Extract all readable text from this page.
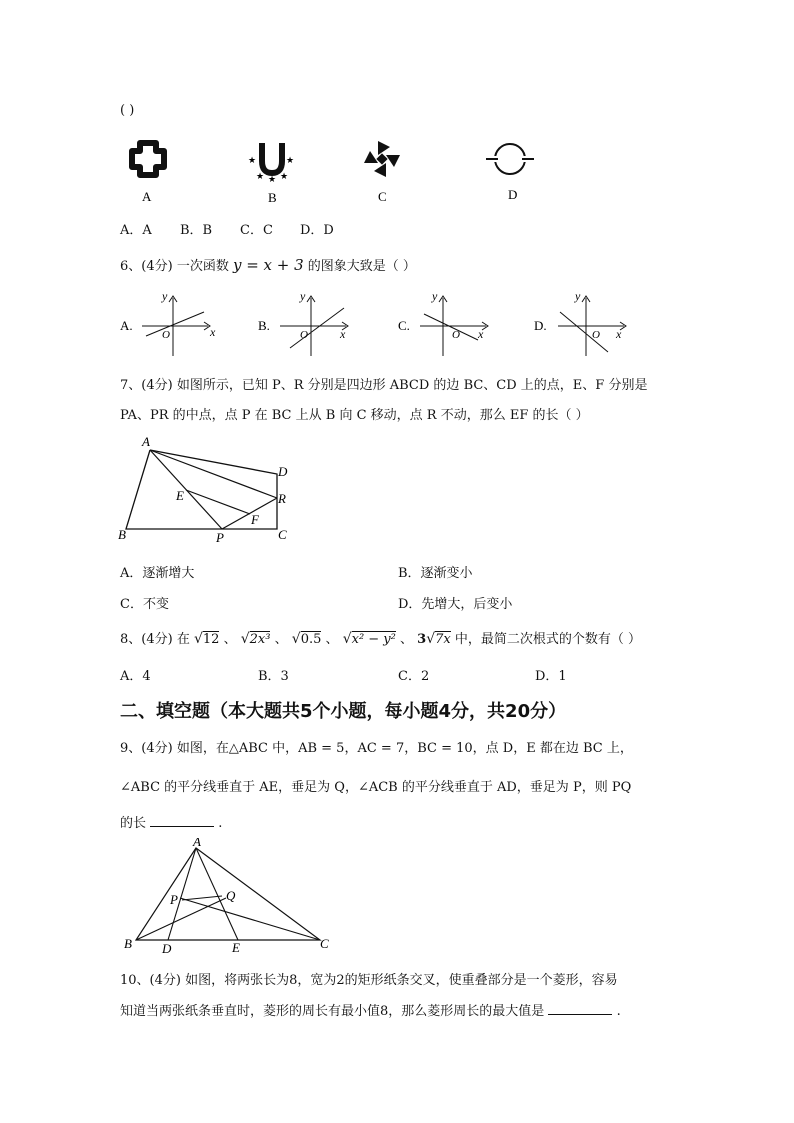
( )
★	★
★ ★ ★
A	B	C	D
A．A B．B C．C D．D
6、(4分) 一次函数 y = x + 3 的图象大致是（ ）
A.
y
x
O
B.
y
x
O
C.
y
x
O
D.
y
x
O
7、(4分) 如图所示，已知 P、R 分别是四边形 ABCD 的边 BC、CD 上的点，E、F 分别是
PA、PR 的中点，点 P 在 BC 上从 B 向 C 移动，点 R 不动，那么 EF 的长（ ）
A
D
R
E
F
B	P	C
A．逐渐增大	B．逐渐变小
C．不变	D．先增大，后变小
8、(4分) 在 √12 、 √2x³ 、 √0.5 、 √x² − y² 、 3√7x 中，最简二次根式的个数有（ ）
A．4	B．3	C．2	D．1
二、填空题（本大题共5个小题，每小题4分，共20分）
9、(4分) 如图，在△ABC 中，AB = 5，AC = 7，BC = 10，点 D，E 都在边 BC 上，
∠ABC 的平分线垂直于 AE，垂足为 Q，∠ACB 的平分线垂直于 AD，垂足为 P，则 PQ
的长	.
A
P	Q
B D	E	C
10、(4分) 如图，将两张长为8，宽为2的矩形纸条交叉，使重叠部分是一个菱形，容易
知道当两张纸条垂直时，菱形的周长有最小值8，那么菱形周长的最大值是	.
